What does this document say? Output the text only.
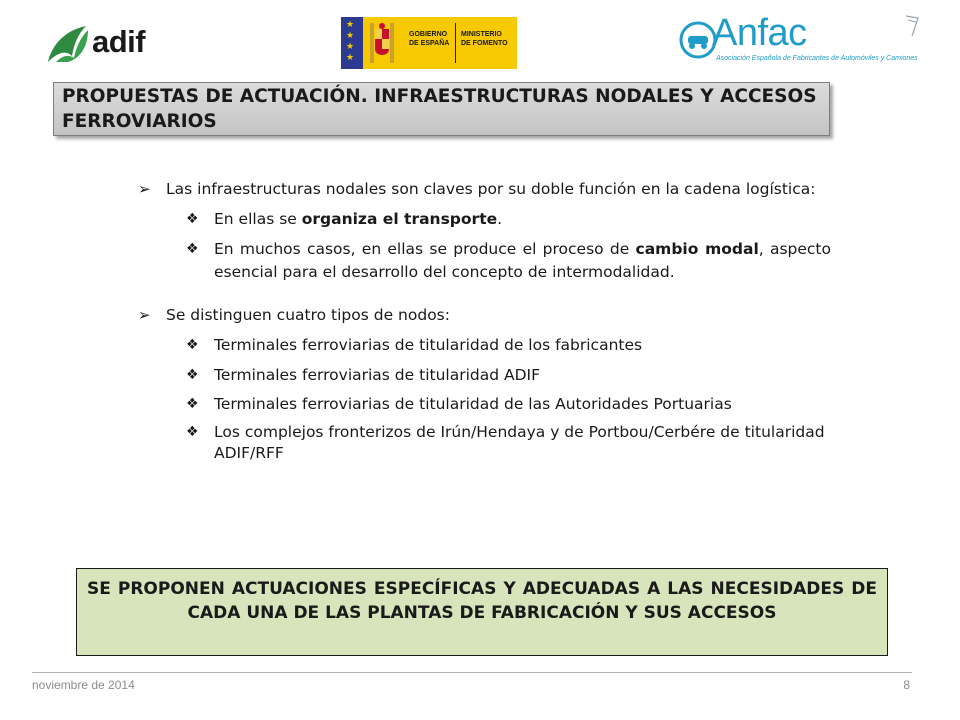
adif	★
★
★
★
GOBIERNO
DE ESPAÑA
MINISTERIO
DE FOMENTO	Anfac
Asociación Española de Fabricantes de Automóviles y Camiones
PROPUESTAS DE ACTUACIÓN. INFRAESTRUCTURAS NODALES Y ACCESOS FERROVIARIOS
➢ Las infraestructuras nodales son claves por su doble función en la cadena logística:
❖ En ellas se organiza el transporte.
❖ En muchos casos, en ellas se produce el proceso de cambio modal, aspecto esencial para el desarrollo del concepto de intermodalidad.
➢ Se distinguen cuatro tipos de nodos:
❖ Terminales ferroviarias de titularidad de los fabricantes
❖ Terminales ferroviarias de titularidad ADIF
❖ Terminales ferroviarias de titularidad de las Autoridades Portuarias
❖ Los complejos fronterizos de Irún/Hendaya y de Portbou/Cerbére de titularidad ADIF/RFF
SE PROPONEN ACTUACIONES ESPECÍFICAS Y ADECUADAS A LAS NECESIDADES DE CADA UNA DE LAS PLANTAS DE FABRICACIÓN Y SUS ACCESOS
noviembre de 2014	8
